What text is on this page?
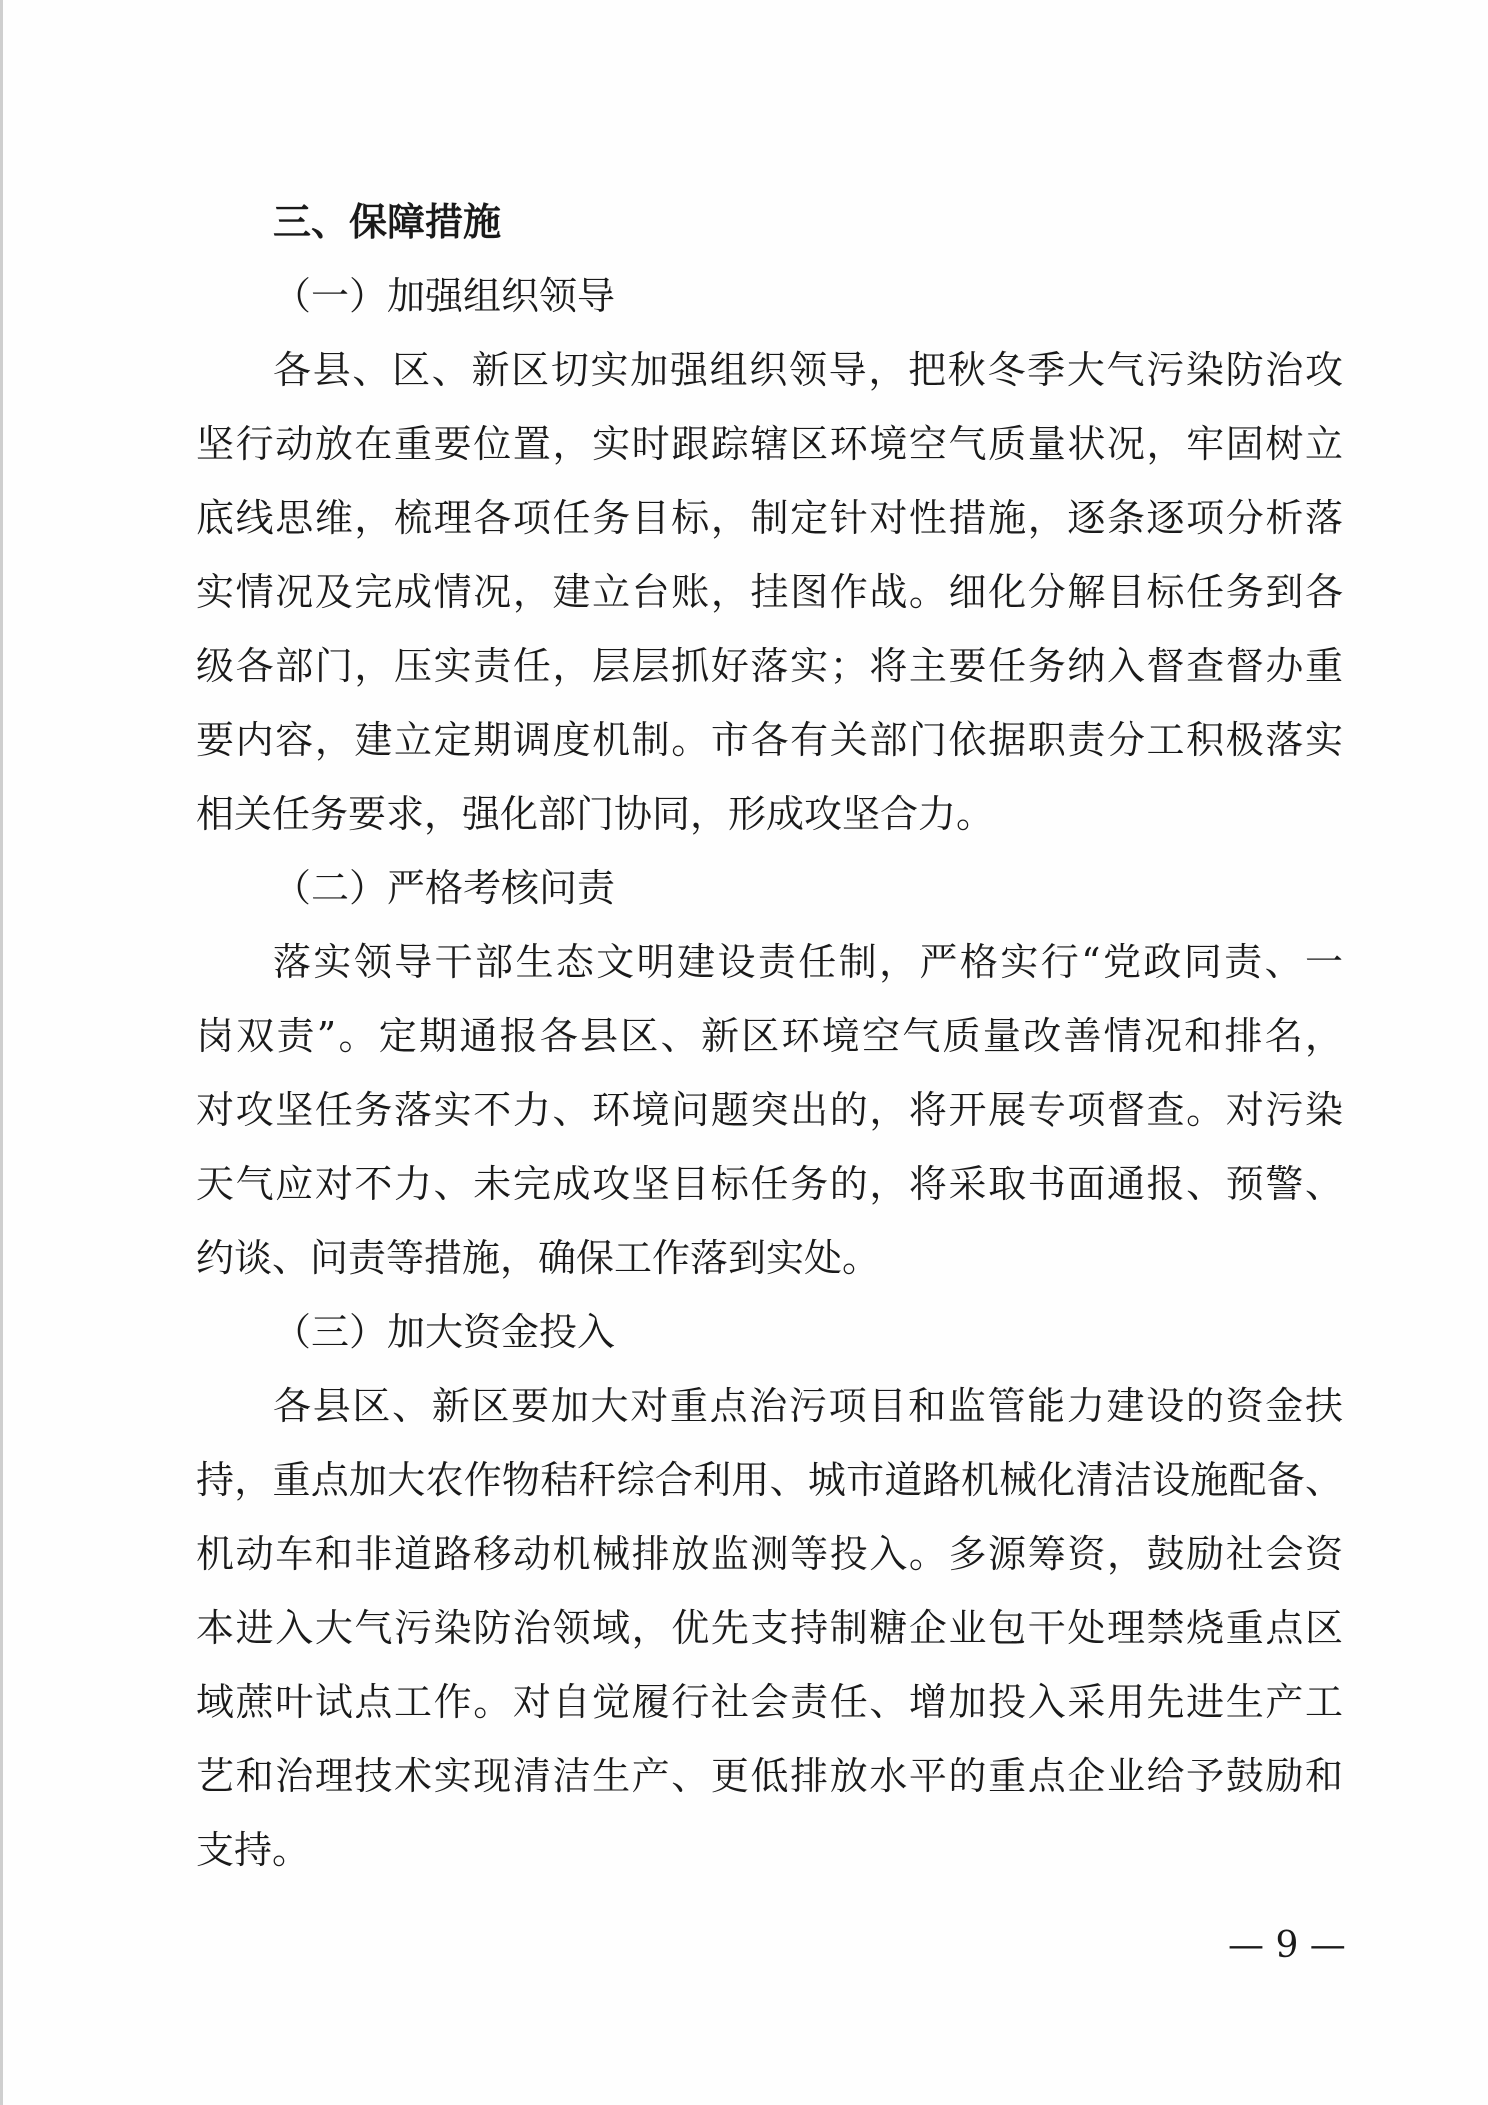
三、保障措施
（一）加强组织领导
各县、区、新区切实加强组织领导，把秋冬季大气污染防治攻
坚行动放在重要位置，实时跟踪辖区环境空气质量状况，牢固树立
底线思维，梳理各项任务目标，制定针对性措施，逐条逐项分析落
实情况及完成情况，建立台账，挂图作战。细化分解目标任务到各
级各部门，压实责任，层层抓好落实；将主要任务纳入督查督办重
要内容，建立定期调度机制。市各有关部门依据职责分工积极落实
相关任务要求，强化部门协同，形成攻坚合力。
（二）严格考核问责
落实领导干部生态文明建设责任制，严格实行“党政同责、一
岗双责”。定期通报各县区、新区环境空气质量改善情况和排名，
对攻坚任务落实不力、环境问题突出的，将开展专项督查。对污染
天气应对不力、未完成攻坚目标任务的，将采取书面通报、预警、
约谈、问责等措施，确保工作落到实处。
（三）加大资金投入
各县区、新区要加大对重点治污项目和监管能力建设的资金扶
持，重点加大农作物秸秆综合利用、城市道路机械化清洁设施配备、
机动车和非道路移动机械排放监测等投入。多源筹资，鼓励社会资
本进入大气污染防治领域，优先支持制糖企业包干处理禁烧重点区
域蔗叶试点工作。对自觉履行社会责任、增加投入采用先进生产工
艺和治理技术实现清洁生产、更低排放水平的重点企业给予鼓励和
支持。
— 9 —
